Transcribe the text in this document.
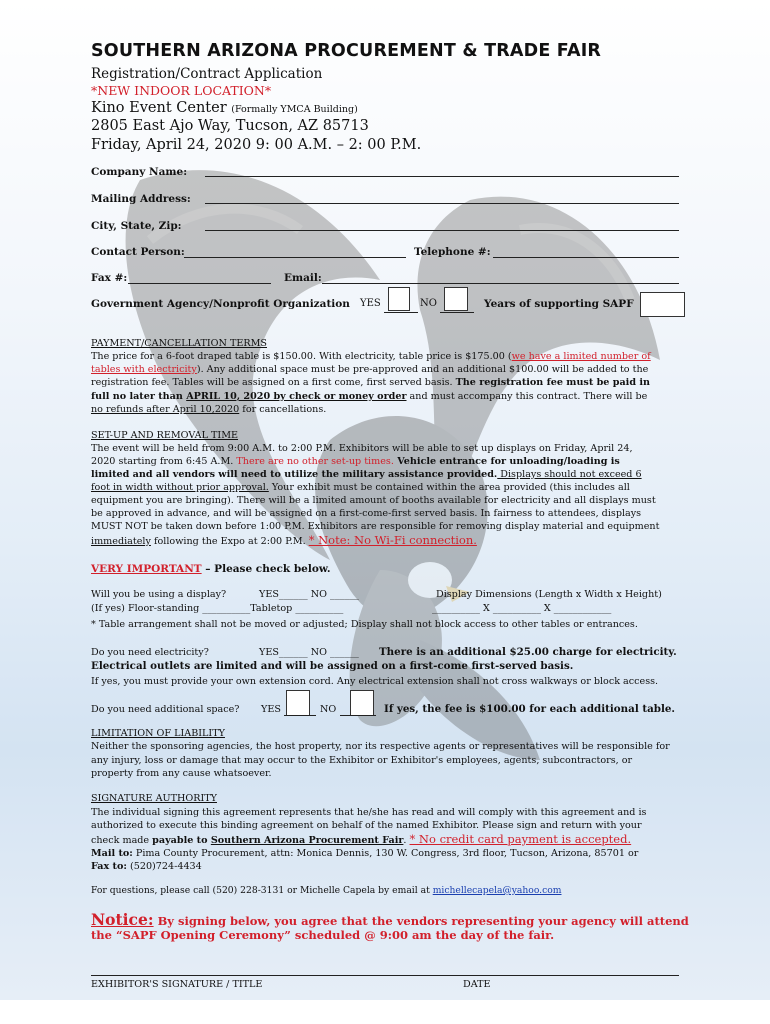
SOUTHERN ARIZONA PROCUREMENT & TRADE FAIR
Registration/Contract Application
*NEW INDOOR LOCATION*
Kino Event Center (Formally YMCA Building)
2805 East Ajo Way, Tucson, AZ 85713
Friday, April 24, 2020 9: 00 A.M. – 2: 00 P.M.
Company Name:
Mailing Address:
City, State, Zip:
Contact Person:	Telephone #:
Fax #:	Email:
Government Agency/Nonprofit Organization YES	NO	Years of supporting SAPF
PAYMENT/CANCELLATION TERMS
The price for a 6-foot draped table is $150.00. With electricity, table price is $175.00 (we have a limited number of
tables with electricity). Any additional space must be pre-approved and an additional $100.00 will be added to the
registration fee. Tables will be assigned on a first come, first served basis. The registration fee must be paid in
full no later than APRIL 10, 2020 by check or money order and must accompany this contract. There will be
no refunds after April 10,2020 for cancellations.
SET-UP AND REMOVAL TIME
The event will be held from 9:00 A.M. to 2:00 P.M. Exhibitors will be able to set up displays on Friday, April 24,
2020 starting from 6:45 A.M. There are no other set-up times. Vehicle entrance for unloading/loading is
limited and all vendors will need to utilize the military assistance provided. Displays should not exceed 6
foot in width without prior approval. Your exhibit must be contained within the area provided (this includes all
equipment you are bringing). There will be a limited amount of booths available for electricity and all displays must
be approved in advance, and will be assigned on a first-come-first served basis. In fairness to attendees, displays
MUST NOT be taken down before 1:00 P.M. Exhibitors are responsible for removing display material and equipment
immediately following the Expo at 2:00 P.M. * Note: No Wi-Fi connection.
VERY IMPORTANT – Please check below.
Will you be using a display?	YES______ NO ______	Display Dimensions (Length x Width x Height)
(If yes) Floor-standing __________Tabletop __________	__________ X __________ X ____________
* Table arrangement shall not be moved or adjusted; Display shall not block access to other tables or entrances.
Do you need electricity?	YES______ NO ______ There is an additional $25.00 charge for electricity.
Electrical outlets are limited and will be assigned on a first-come first-served basis.
If yes, you must provide your own extension cord. Any electrical extension shall not cross walkways or block access.
Do you need additional space? YES	NO	If yes, the fee is $100.00 for each additional table.
LIMITATION OF LIABILITY
Neither the sponsoring agencies, the host property, nor its respective agents or representatives will be responsible for
any injury, loss or damage that may occur to the Exhibitor or Exhibitor's employees, agents, subcontractors, or
property from any cause whatsoever.
SIGNATURE AUTHORITY
The individual signing this agreement represents that he/she has read and will comply with this agreement and is
authorized to execute this binding agreement on behalf of the named Exhibitor. Please sign and return with your
check made payable to Southern Arizona Procurement Fair. * No credit card payment is accepted.
Mail to: Pima County Procurement, attn: Monica Dennis, 130 W. Congress, 3rd floor, Tucson, Arizona, 85701 or
Fax to: (520)724-4434
For questions, please call (520) 228-3131 or Michelle Capela by email at michellecapela@yahoo.com
Notice: By signing below, you agree that the vendors representing your agency will attend
the “SAPF Opening Ceremony” scheduled @ 9:00 am the day of the fair.
EXHIBITOR'S SIGNATURE / TITLE	DATE
